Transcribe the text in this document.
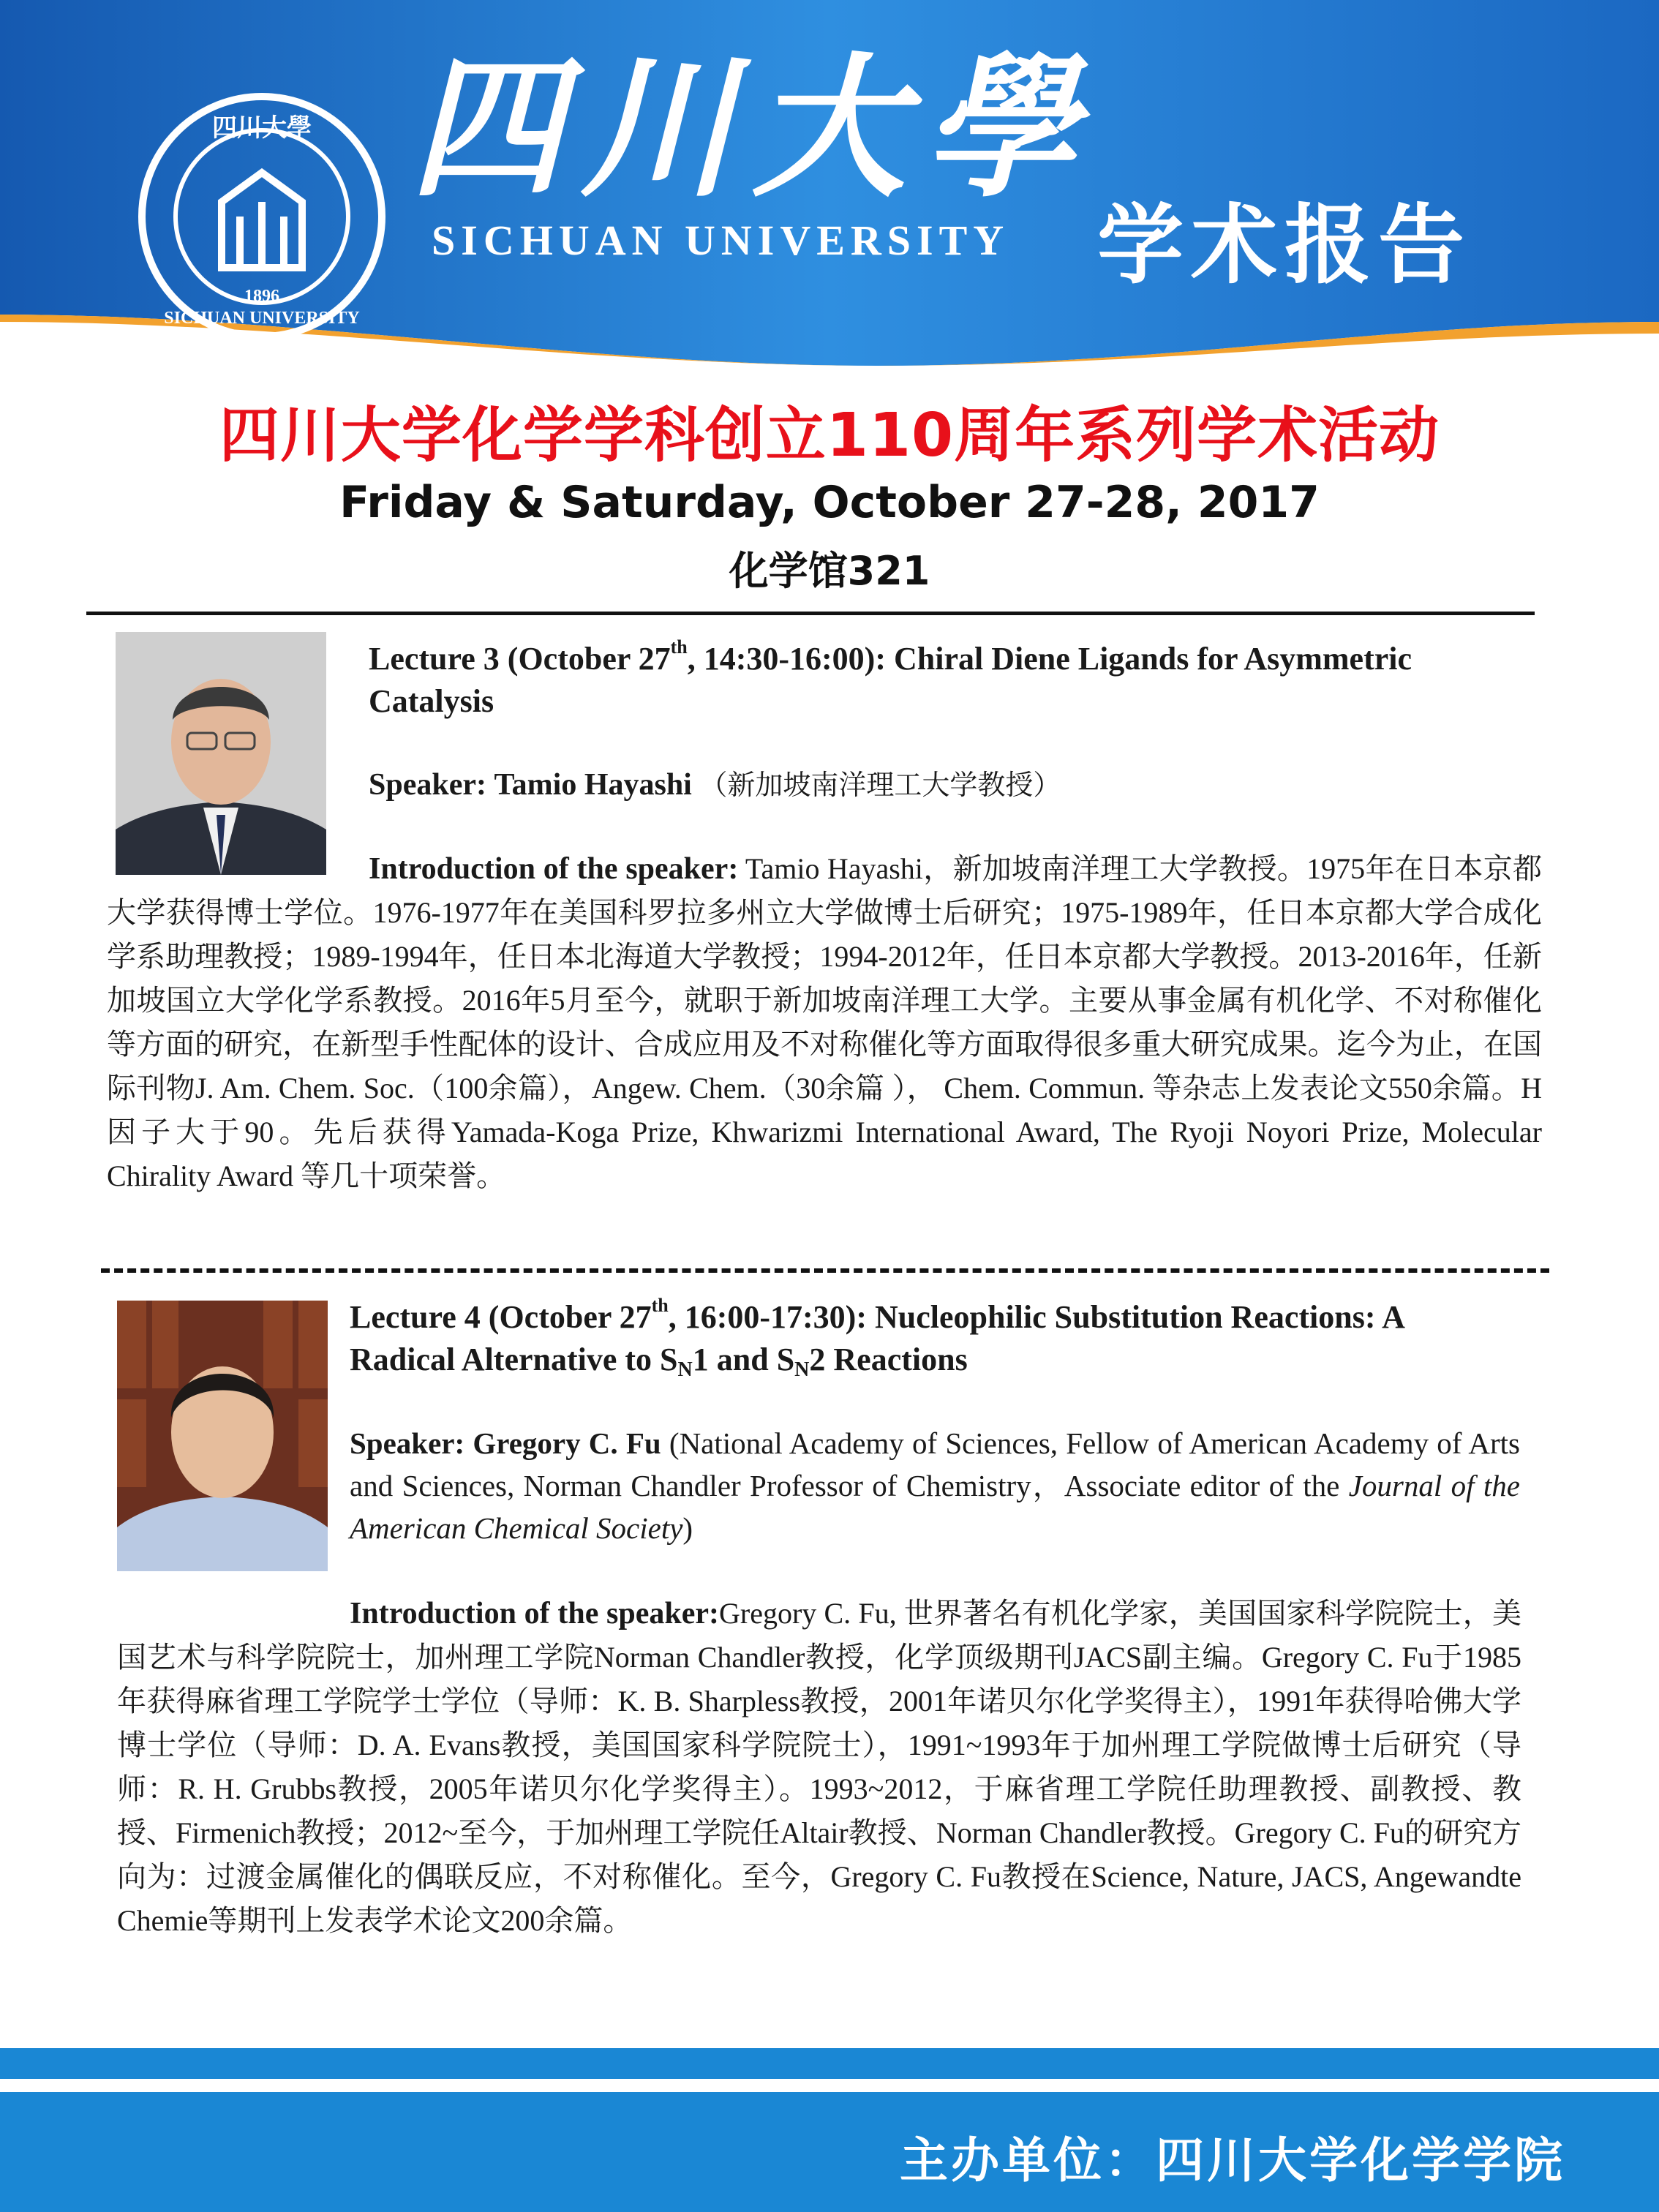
四川大學
1896
SICHUAN UNIVERSITY
四川大學
SICHUAN UNIVERSITY 学术报告
四川大学化学学科创立110周年系列学术活动
Friday & Saturday, October 27-28, 2017
化学馆321
Lecture 3 (October 27th, 14:30-16:00): Chiral Diene Ligands for Asymmetric
Catalysis
Speaker: Tamio Hayashi （新加坡南洋理工大学教授）
Introduction of the speaker: Tamio Hayashi，新加坡南洋理工大学教授。1975年在日本京都大学获得博士学位。1976-1977年在美国科罗拉多州立大学做博士后研究；1975-1989年，任日本京都大学合成化学系助理教授；1989-1994年，任日本北海道大学教授；1994-2012年，任日本京都大学教授。2013-2016年，任新加坡国立大学化学系教授。2016年5月至今，就职于新加坡南洋理工大学。主要从事金属有机化学、不对称催化等方面的研究，在新型手性配体的设计、合成应用及不对称催化等方面取得很多重大研究成果。迄今为止，在国际刊物J. Am. Chem. Soc.（100余篇），Angew. Chem.（30余篇 ）， Chem. Commun. 等杂志上发表论文550余篇。H因子大于90。先后获得Yamada-Koga Prize, Khwarizmi International Award, The Ryoji Noyori Prize, Molecular Chirality Award 等几十项荣誉。
Lecture 4 (October 27th, 16:00-17:30): Nucleophilic Substitution Reactions: A
Radical Alternative to $S_N1$ and $S_N2$ Reactions
Speaker: Gregory C. Fu (National Academy of Sciences, Fellow of American Academy of Arts and Sciences, Norman Chandler Professor of Chemistry，Associate editor of the Journal of the American Chemical Society)
Introduction of the speaker:Gregory C. Fu, 世界著名有机化学家，美国国家科学院院士，美国艺术与科学院院士，加州理工学院Norman Chandler教授，化学顶级期刊JACS副主编。Gregory C. Fu于1985年获得麻省理工学院学士学位（导师：K. B. Sharpless教授，2001年诺贝尔化学奖得主），1991年获得哈佛大学博士学位（导师：D. A. Evans教授，美国国家科学院院士），1991~1993年于加州理工学院做博士后研究（导师：R. H. Grubbs教授，2005年诺贝尔化学奖得主）。1993~2012，于麻省理工学院任助理教授、副教授、教授、Firmenich教授；2012~至今，于加州理工学院任Altair教授、Norman Chandler教授。Gregory C. Fu的研究方向为：过渡金属催化的偶联反应，不对称催化。至今，Gregory C. Fu教授在Science, Nature, JACS, Angewandte Chemie等期刊上发表学术论文200余篇。
主办单位：四川大学化学学院
